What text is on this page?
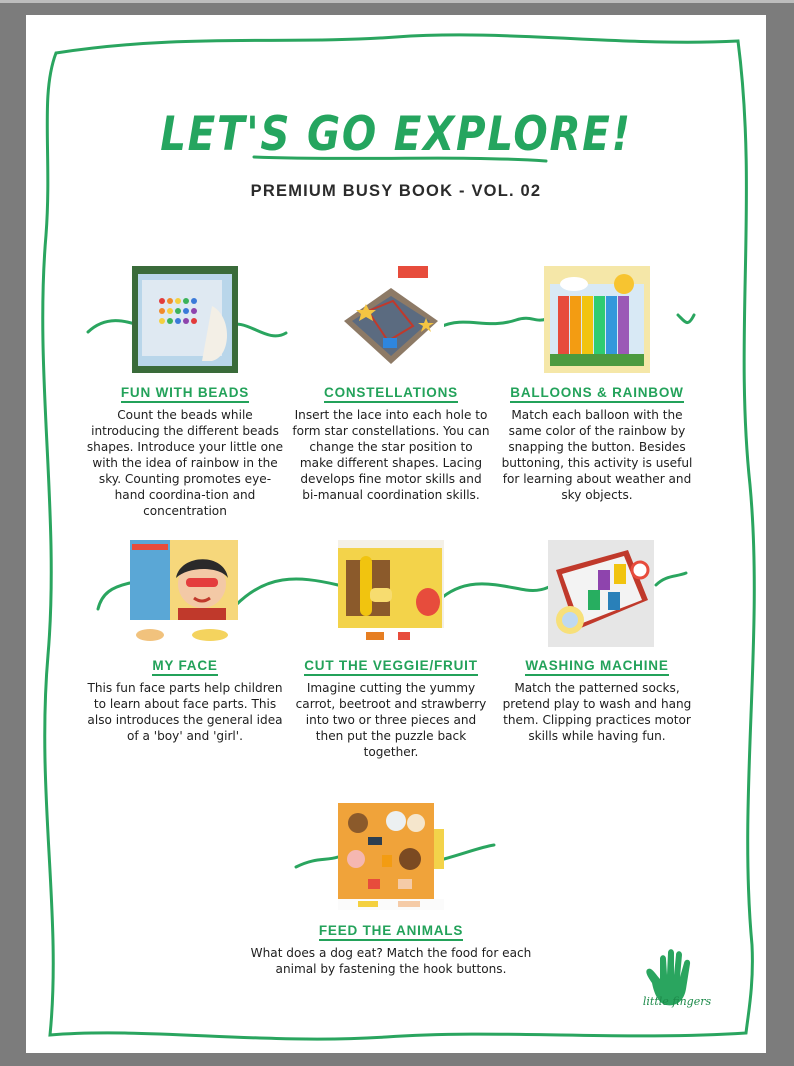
LET'S GO EXPLORE!
PREMIUM BUSY BOOK - VOL. 02
FUN WITH BEADS
Count the beads while introducing the different beads shapes. Introduce your little one with the idea of rainbow in the sky. Counting promotes eye-hand coordina-tion and concentration
CONSTELLATIONS
Insert the lace into each hole to form star constellations. You can change the star position to make different shapes. Lacing develops fine motor skills and bi-manual coordination skills.
BALLOONS & RAINBOW
Match each balloon with the same color of the rainbow by snapping the button. Besides buttoning, this activity is useful for learning about weather and sky objects.
MY FACE
This fun face parts help children to learn about face parts. This also introduces the general idea of a 'boy' and 'girl'.
CUT THE VEGGIE/FRUIT
Imagine cutting the yummy carrot, beetroot and strawberry into two or three pieces and then put the puzzle back together.
WASHING MACHINE
Match the patterned socks, pretend play to wash and hang them. Clipping practices motor skills while having fun.
FEED THE ANIMALS
What does a dog eat? Match the food for each animal by fastening the hook buttons.
little fingers
